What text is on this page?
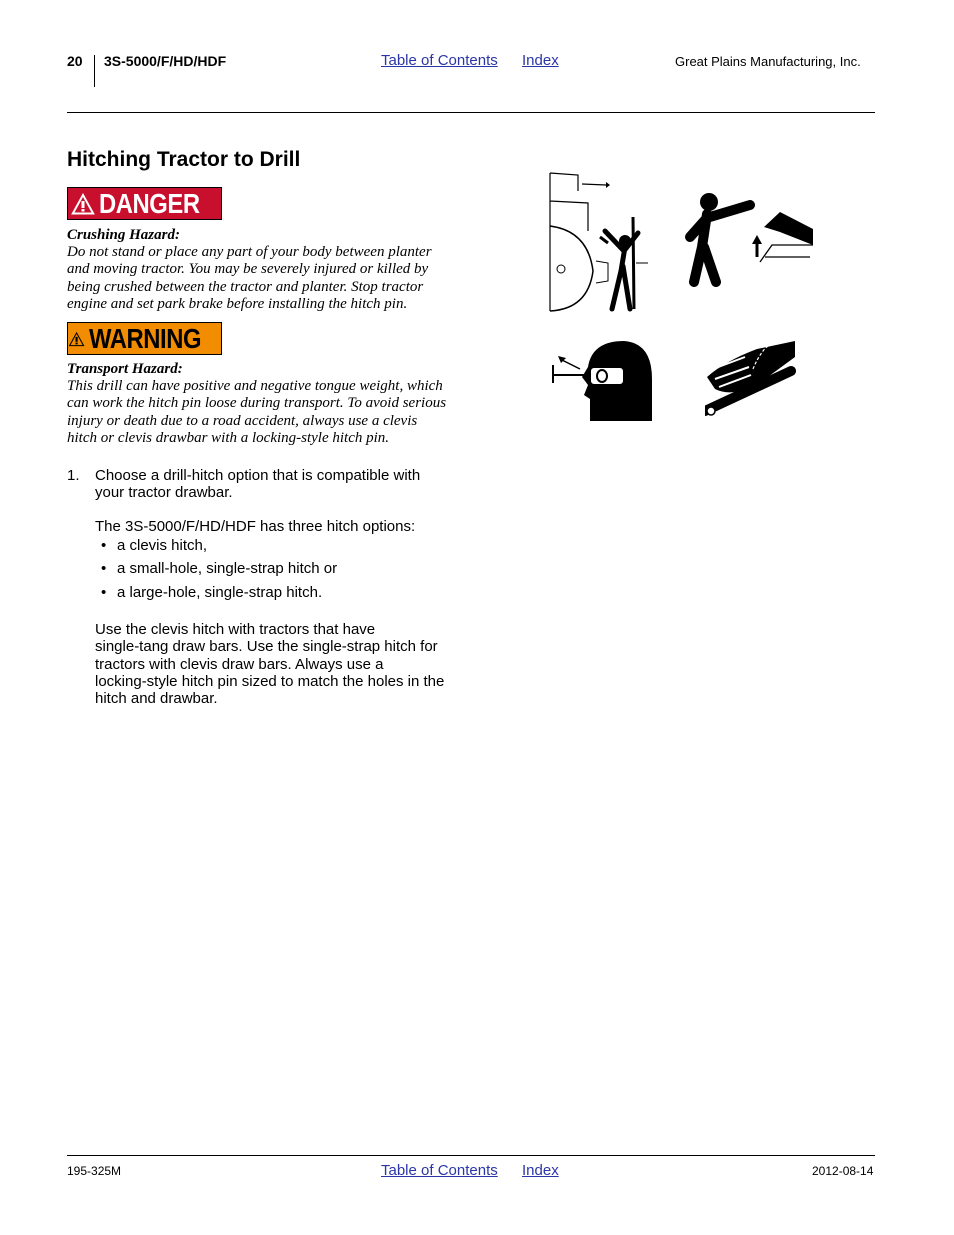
20 3S-5000/F/HD/HDF	Table of Contents Index	Great Plains Manufacturing, Inc.
Hitching Tractor to Drill
DANGER
Crushing Hazard:
Do not stand or place any part of your body between planter
and moving tractor. You may be severely injured or killed by
being crushed between the tractor and planter. Stop tractor
engine and set park brake before installing the hitch pin.
WARNING
Transport Hazard:
This drill can have positive and negative tongue weight, which
can work the hitch pin loose during transport. To avoid serious
injury or death due to a road accident, always use a clevis
hitch or clevis drawbar with a locking-style hitch pin.
1. Choose a drill-hitch option that is compatible with
your tractor drawbar.
The 3S-5000/F/HD/HDF has three hitch options:
• a clevis hitch,
• a small-hole, single-strap hitch or
• a large-hole, single-strap hitch.
Use the clevis hitch with tractors that have
single-tang draw bars. Use the single-strap hitch for
tractors with clevis draw bars. Always use a
locking-style hitch pin sized to match the holes in the
hitch and drawbar.
195-325M	Table of Contents Index	2012-08-14
